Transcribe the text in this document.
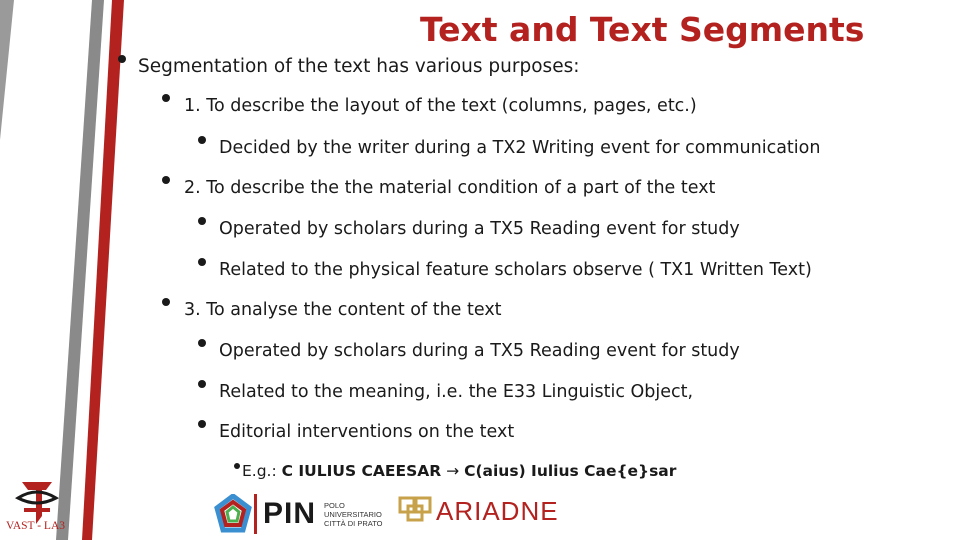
Text and Text Segments
Segmentation of the text has various purposes:
1. To describe the layout of the text (columns, pages, etc.)
Decided by the writer during a TX2 Writing event for communication
2. To describe the the material condition of a part of the text
Operated by scholars during a TX5 Reading event for study
Related to the physical feature scholars observe ( TX1 Written Text)
3. To analyse the content of the text
Operated by scholars during a TX5 Reading event for study
Related to the meaning, i.e. the E33 Linguistic Object,
Editorial interventions on the text
E.g.: C IULIUS CAEESAR → C(aius) Iulius Cae{e}sar
VAST - LA3	PIN POLO
UNIVERSITARIO
CITTÀ DI PRATO ARIADNE
